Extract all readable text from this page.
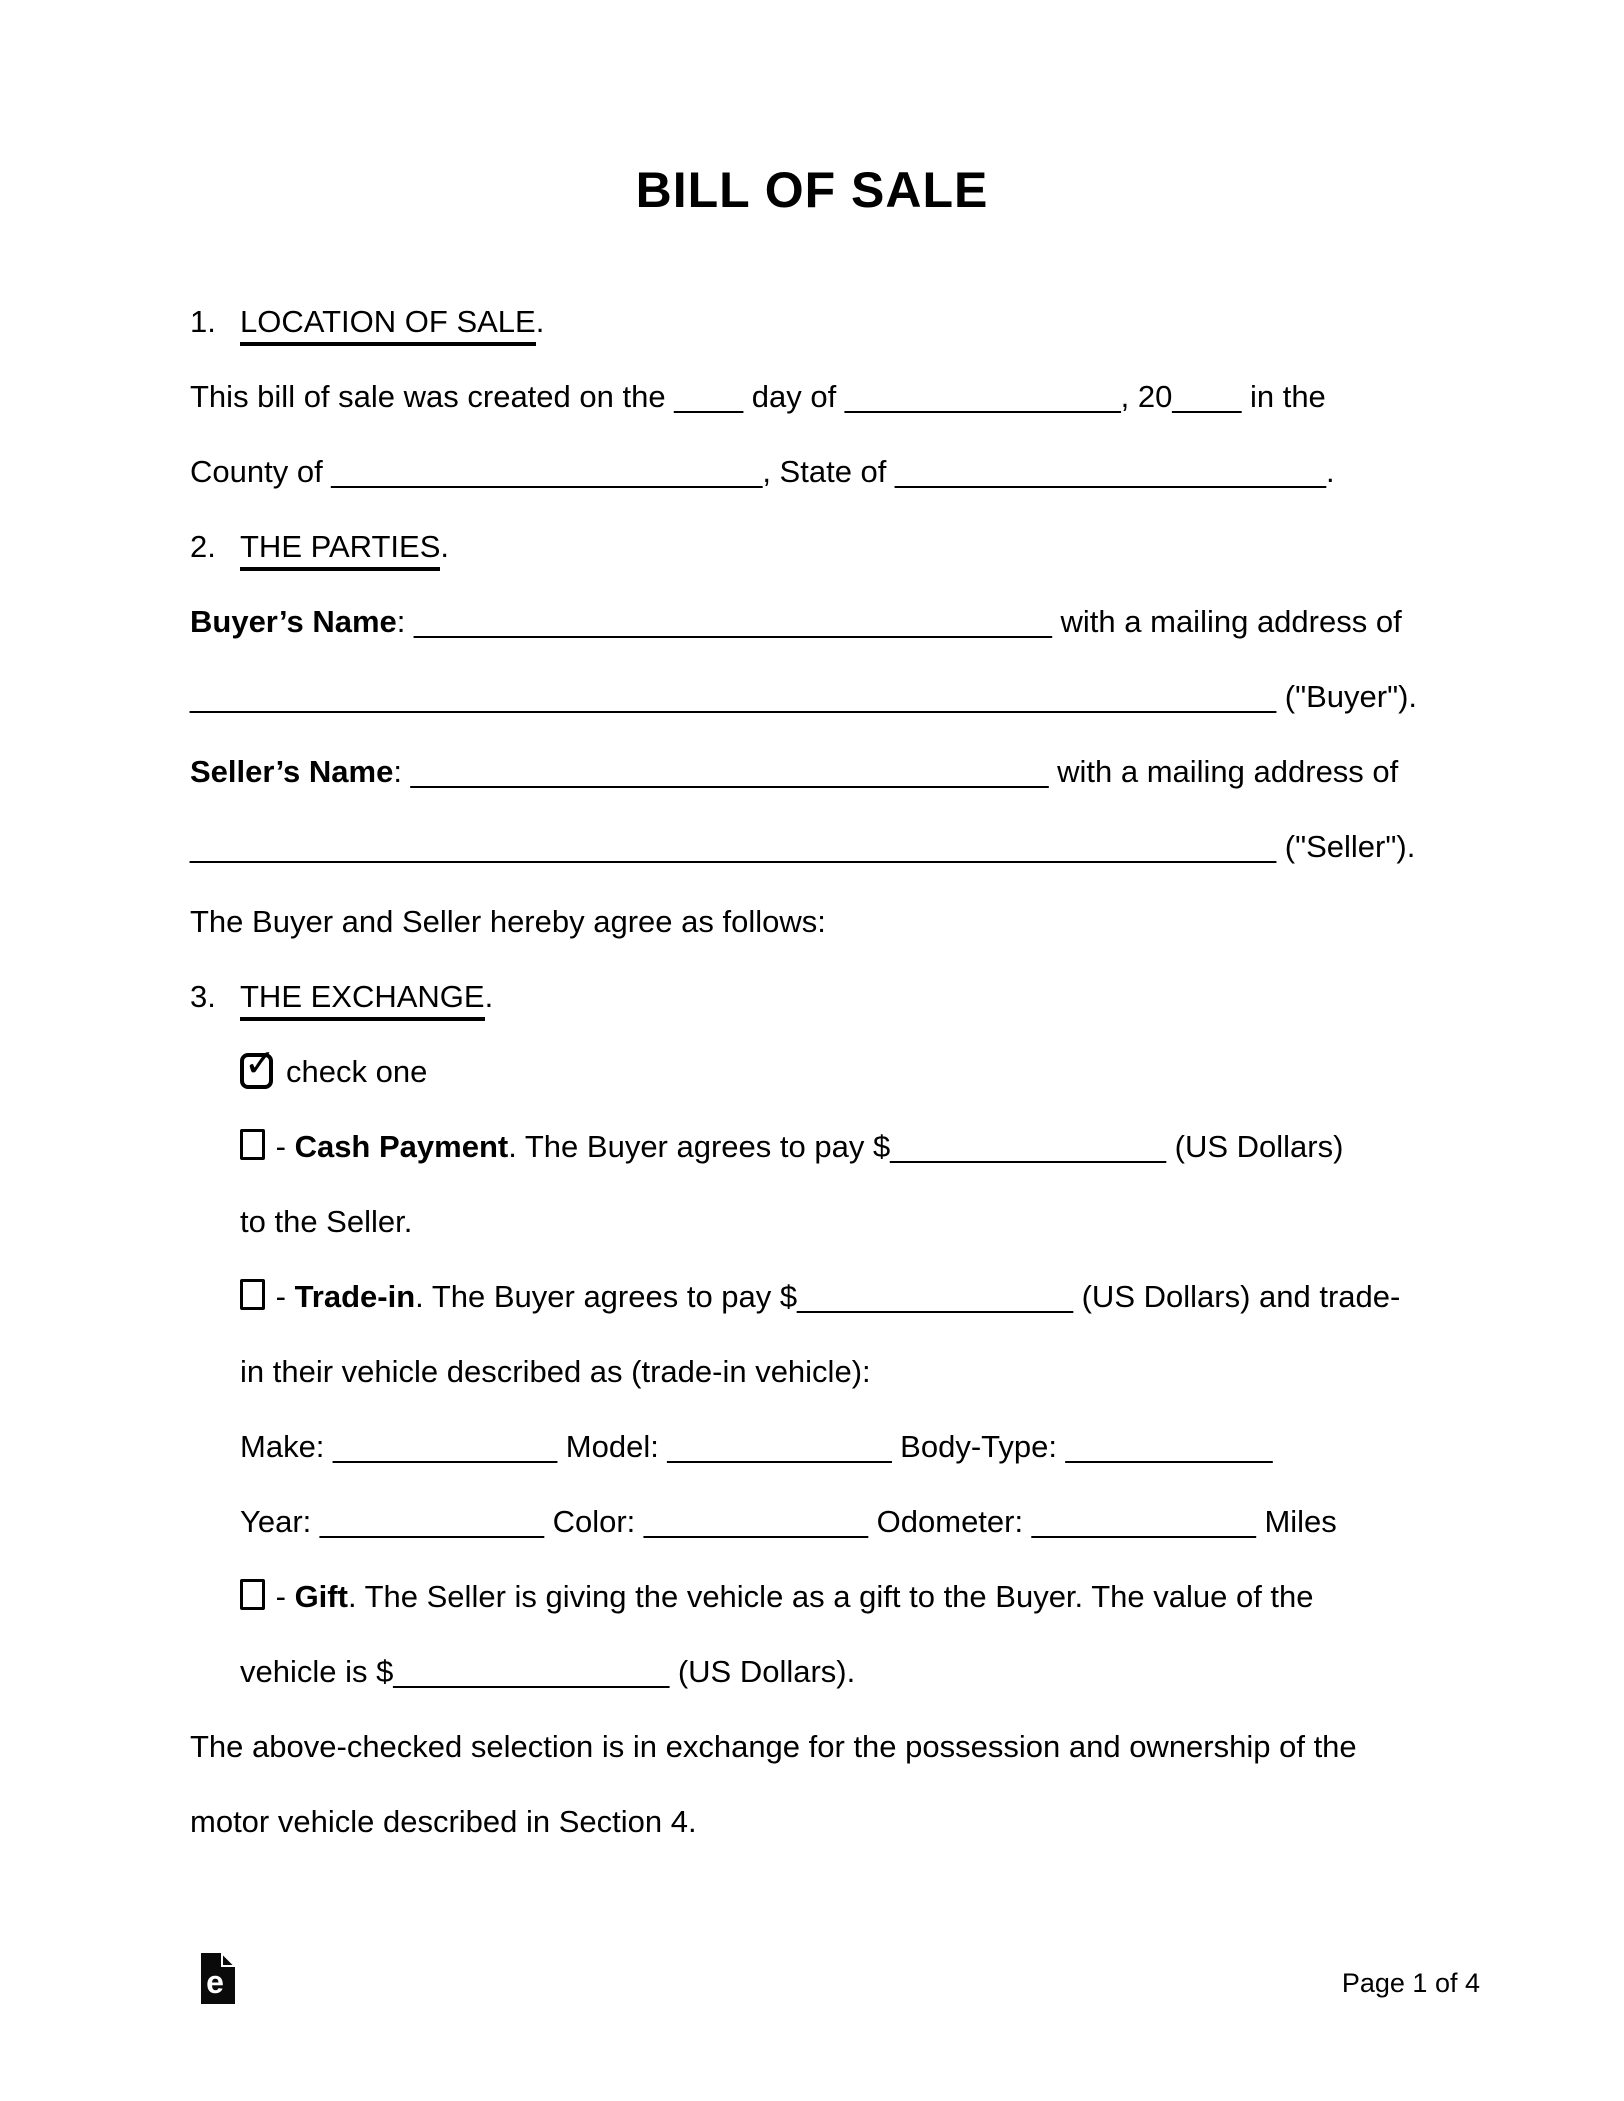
BILL OF SALE

1. LOCATION OF SALE.

This bill of sale was created on the ____ day of ________________, 20____ in the

County of _________________________, State of _________________________.

2. THE PARTIES.

Buyer’s Name: _____________________________________ with a mailing address of

_______________________________________________________________ ("Buyer").

Seller’s Name: _____________________________________ with a mailing address of

_______________________________________________________________ ("Seller").

The Buyer and Seller hereby agree as follows:

3. THE EXCHANGE.

✓ check one

- Cash Payment. The Buyer agrees to pay $________________ (US Dollars)

to the Seller.

- Trade-in. The Buyer agrees to pay $________________ (US Dollars) and trade-

in their vehicle described as (trade-in vehicle):

Make: _____________ Model: _____________ Body-Type: ____________

Year: _____________ Color: _____________ Odometer: _____________ Miles

- Gift. The Seller is giving the vehicle as a gift to the Buyer. The value of the

vehicle is $________________ (US Dollars).

The above-checked selection is in exchange for the possession and ownership of the

motor vehicle described in Section 4.

e	Page 1 of 4
